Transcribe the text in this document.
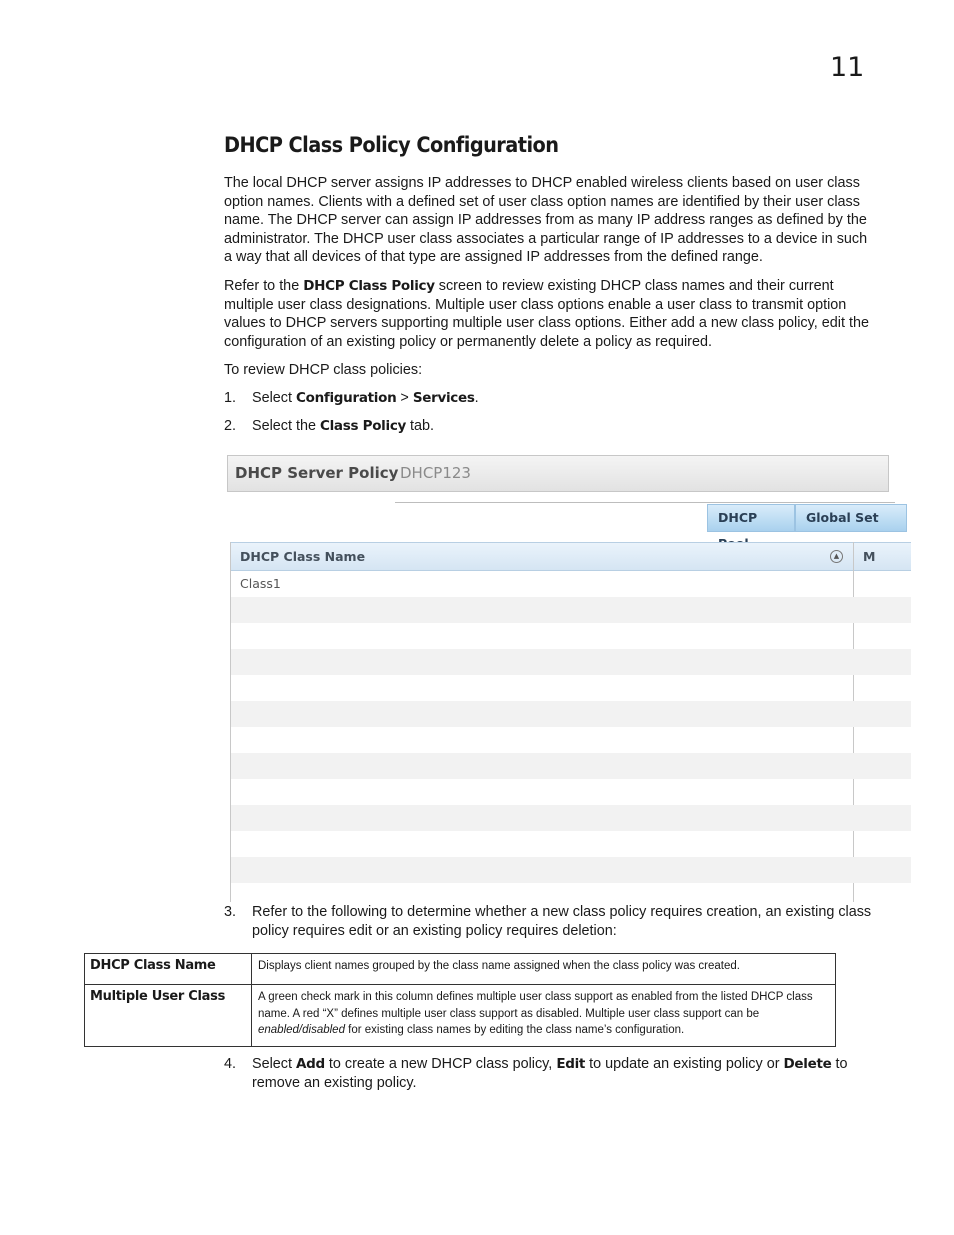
11
DHCP Class Policy Configuration

The local DHCP server assigns IP addresses to DHCP enabled wireless clients based on user class option names. Clients with a defined set of user class option names are identified by their user class name. The DHCP server can assign IP addresses from as many IP address ranges as defined by the administrator. The DHCP user class associates a particular range of IP addresses to a device in such a way that all devices of that type are assigned IP addresses from the defined range.

Refer to the DHCP Class Policy screen to review existing DHCP class names and their current multiple user class designations. Multiple user class options enable a user class to transmit option values to DHCP servers supporting multiple user class options. Either add a new class policy, edit the configuration of an existing policy or permanently delete a policy as required.

To review DHCP class policies:

1. Select Configuration > Services.
2. Select the Class Policy tab.
DHCP Server Policy DHCP123
DHCP	Global Set
DHCP Class Name	▲	M
Class1
3. Refer to the following to determine whether a new class policy requires creation, an existing class policy requires edit or an existing policy requires deletion:
DHCP Class Name	Displays client names grouped by the class name assigned when the class policy was created.
Multiple User Class	A green check mark in this column defines multiple user class support as enabled from the listed DHCP class name. A red “X” defines multiple user class support as disabled. Multiple user class support can be enabled/disabled for existing class names by editing the class name’s configuration.
4. Select Add to create a new DHCP class policy, Edit to update an existing policy or Delete to remove an existing policy.
